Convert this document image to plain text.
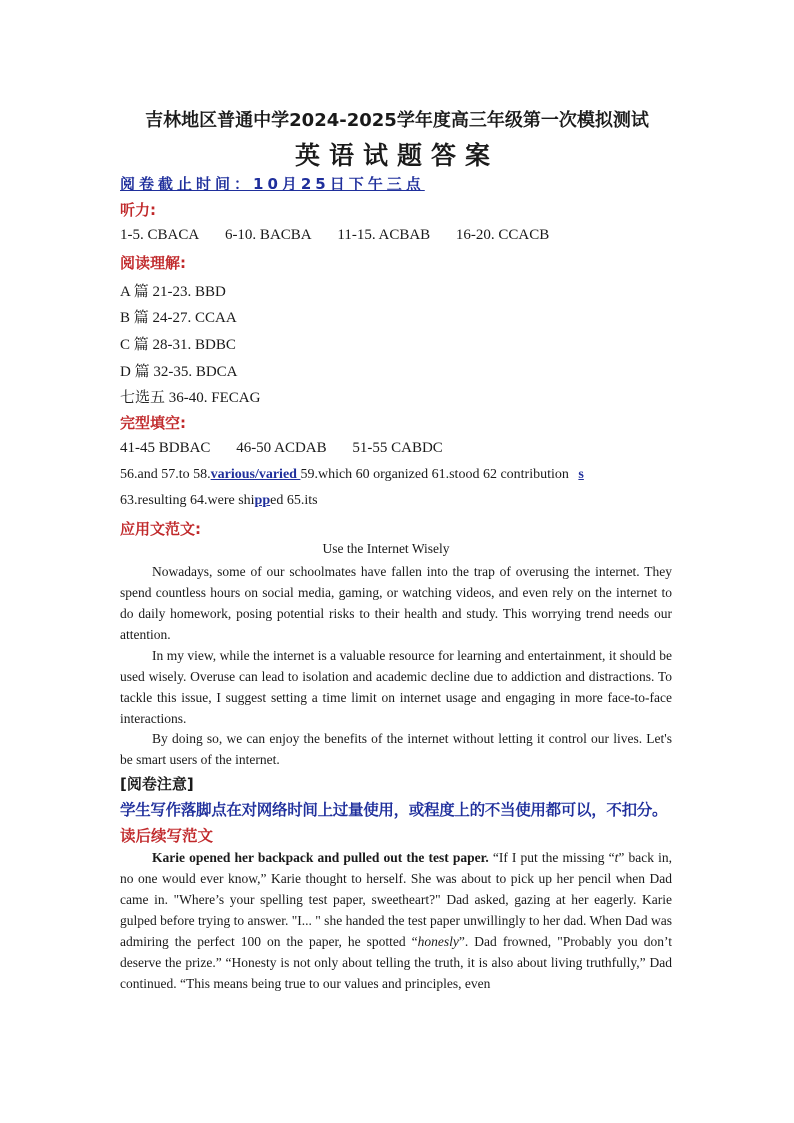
吉林地区普通中学2024-2025学年度高三年级第一次模拟测试
英语试题答案
阅卷截止时间：10月25日下午三点
听力:
1-5. CBACA 6-10. BACBA 11-15. ACBAB 16-20. CCACB
阅读理解:
A 篇 21-23. BBD
B 篇 24-27. CCAA
C 篇 28-31. BDBC
D 篇 32-35. BDCA
七选五 36-40. FECAG
完型填空:
41-45 BDBAC 46-50 ACDAB 51-55 CABDC
56.and 57.to 58.various/varied 59.which 60 organized 61.stood 62 contribution s
63.resulting 64.were shipped 65.its
应用文范文:
Use the Internet Wisely

Nowadays, some of our schoolmates have fallen into the trap of overusing the internet. They spend countless hours on social media, gaming, or watching videos, and even rely on the internet to do daily homework, posing potential risks to their health and study. This worrying trend needs our attention.

In my view, while the internet is a valuable resource for learning and entertainment, it should be used wisely. Overuse can lead to isolation and academic decline due to addiction and distractions. To tackle this issue, I suggest setting a time limit on internet usage and engaging in more face-to-face interactions.

By doing so, we can enjoy the benefits of the internet without letting it control our lives. Let's be smart users of the internet.

[阅卷注意]
学生写作落脚点在对网络时间上过量使用，或程度上的不当使用都可以，不扣分。
读后续写范文

Karie opened her backpack and pulled out the test paper. “If I put the missing “t” back in, no one would ever know,” Karie thought to herself. She was about to pick up her pencil when Dad came in. "Where’s your spelling test paper, sweetheart?" Dad asked, gazing at her eagerly. Karie gulped before trying to answer. "I... " she handed the test paper unwillingly to her dad. When Dad was admiring the perfect 100 on the paper, he spotted “honesly”. Dad frowned, "Probably you don’t deserve the prize.” “Honesty is not only about telling the truth, it is also about living truthfully,” Dad continued. “This means being true to our values and principles, even
